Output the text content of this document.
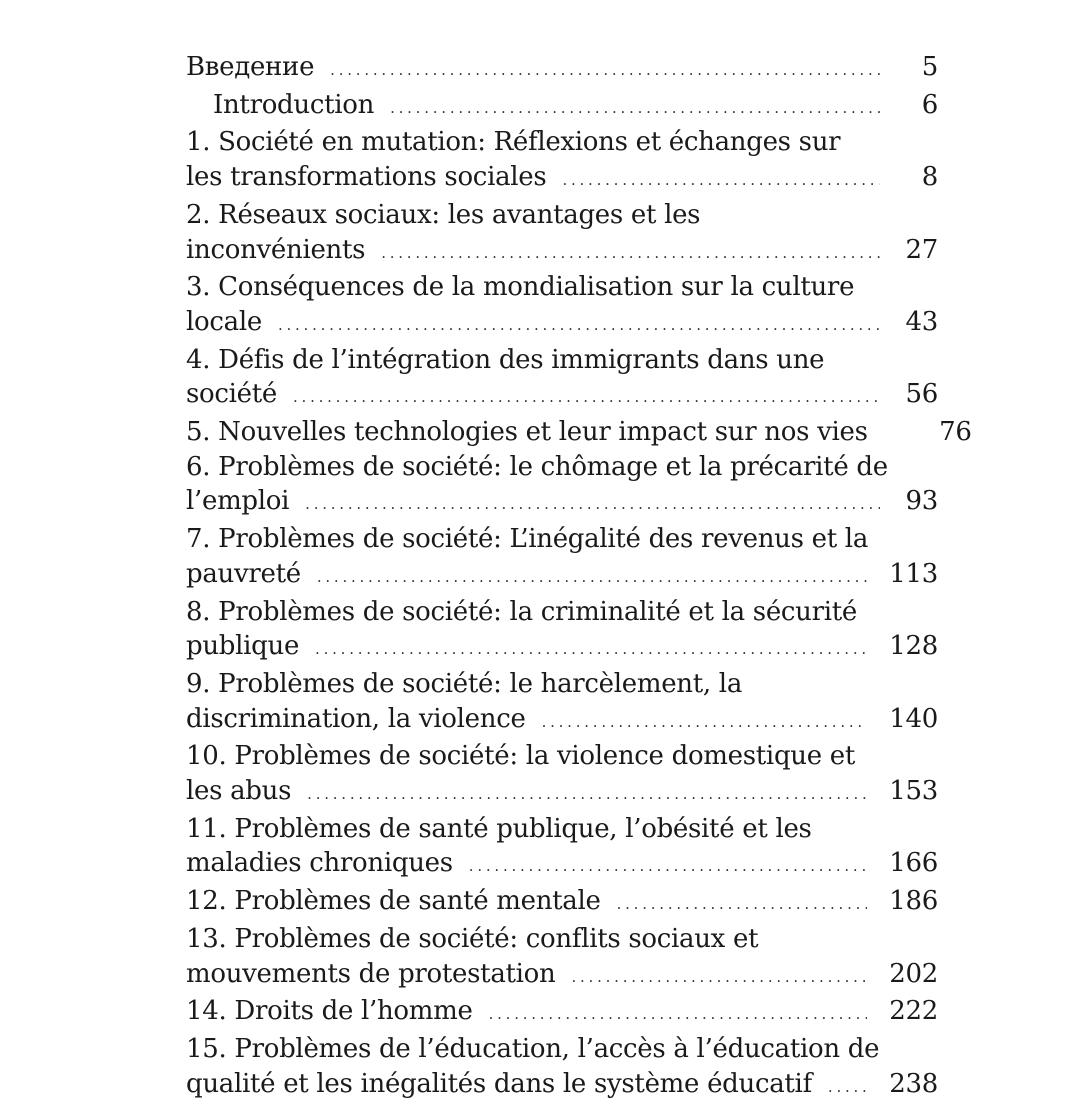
Введение . . .	5
Introduction . . .	6
1. Société en mutation: Réflexions et échanges sur
les transformations sociales . . .	8
2. Réseaux sociaux: les avantages et les
inconvénients . . .	27
3. Conséquences de la mondialisation sur la culture
locale . . .	43
4. Défis de l’intégration des immigrants dans une
société . . .	56
5. Nouvelles technologies et leur impact sur nos vies	76
6. Problèmes de société: le chômage et la précarité de
l’emploi . . .	93
7. Problèmes de société: L’inégalité des revenus et la
pauvreté . . .	113
8. Problèmes de société: la criminalité et la sécurité
publique . . .	128
9. Problèmes de société: le harcèlement, la
discrimination, la violence . . .	140
10. Problèmes de société: la violence domestique et
les abus . . .	153
11. Problèmes de santé publique, l’obésité et les
maladies chroniques . . .	166
12. Problèmes de santé mentale . . .	186
13. Problèmes de société: conflits sociaux et
mouvements de protestation . . .	202
14. Droits de l’homme . . .	222
15. Problèmes de l’éducation, l’accès à l’éducation de
qualité et les inégalités dans le système éducatif . . .	238
